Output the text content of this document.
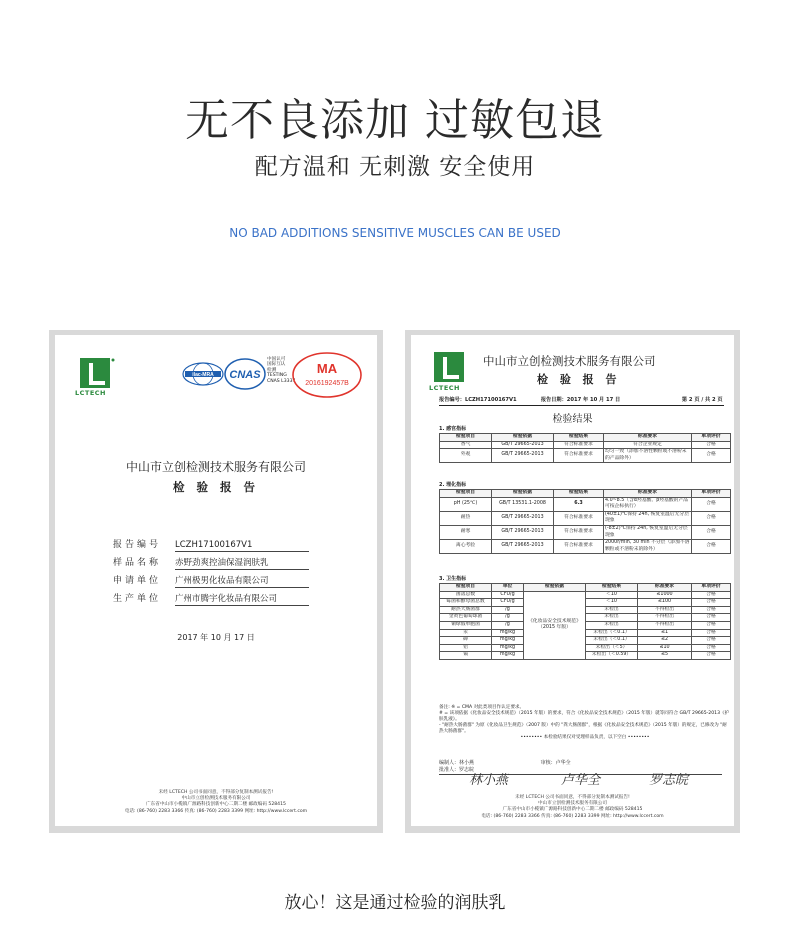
无不良添加 过敏包退
配方温和 无刺激 安全使用
NO BAD ADDITIONS SENSITIVE MUSCLES CAN BE USED
LCTECH
ilac-MRA CNAS
中国认可
国际互认
检测
TESTING
CNAS L3337
MA
2016192457B
中山市立创检测技术服务有限公司
检 验 报 告
报告编号 LCZH17100167V1
样品名称 赤野劲爽控油保湿润肤乳
申请单位 广州极男化妆品有限公司
生产单位 广州市腾宇化妆品有限公司
2017 年 10 月 17 日
未经 LCTECH 公司书面同意，不得部分复制本测试报告!
中山市立创检测技术服务有限公司
广东省中山市小榄镇广源路科技创新中心二期二楼 邮政编码 528415
电话: (86-760) 2283 3366 传真: (86-760) 2283 3399 网址: http://www.lccert.com
LCTECH
中山市立创检测技术服务有限公司
检 验 报 告
报告编号：LCZH17100167V1	报告日期：2017 年 10 月 17 日	第 2 页 / 共 2 页
检验结果
1. 感官指标
检验项目	检验依据	检验结果	标准要求	单项评价
香气	GB/T 29665-2013	符合标准要求	符合企业规定	合格
外观	GB/T 29665-2013	符合标准要求	均匀一致（添加不溶性颗粒或不溶粉末的产品除外）	合格
2. 理化指标
检验项目	检验依据	检验结果	标准要求	单项评价
pH (25℃)	GB/T 13531.1-2008	6.3	4.0~8.5（含α羟基酸、β羟基酸的产品可按企标执行）	合格
耐热	GB/T 29665-2013	符合标准要求	(40±1)℃保持 24h, 恢复室温后无分层现象	合格
耐寒	GB/T 29665-2013	符合标准要求	(-8±2)℃保持 24h, 恢复室温后无分层现象	合格
离心考验	GB/T 29665-2013	符合标准要求	2000r/min, 30 min 不分层（添加不溶颗粒或不溶粉末的除外）	合格
3. 卫生指标
检验项目	单位	检验依据	检验结果	标准要求	单项评价
菌落总数	CFU/g	《化妆品安全技术规范》（2015 年版）	＜10	≤1000	合格
霉菌和酵母菌总数	CFU/g		＜10	≤100	合格
耐热大肠菌群	/g		未检出	不得检出	合格
金黄色葡萄球菌	/g		未检出	不得检出	合格
铜绿假单胞菌	/g		未检出	不得检出	合格
汞	mg/kg		未检出（＜0.1）	≤1	合格
砷	mg/kg		未检出（＜0.1）	≤2	合格
铅	mg/kg		未检出（＜5）	≤10	合格
镉	mg/kg		未检出（＜0.59）	≤5	合格
备注: ※ = CMA 对此类项目作认定要求。
# = 该项依据《化妆品安全技术规范》（2015 年版）的要求，符合《化妆品安全技术规范》（2015 年版）就等同符合 GB/T 29665-2013《护肤乳液》。
- "耐热大肠菌群" 为原《化妆品卫生规范》（2007 版）中的 "粪大肠菌群"，根据《化妆品安全技术规范》（2015 年版）的规定，已修改为 "耐热大肠菌群"。
•••••••• 本检验结果仅对受理样品负责，以下空白 ••••••••
编制人：林小燕	审核：卢华全 批准人：罗志皖
林小燕	卢华全	罗志皖
未经 LCTECH 公司书面同意，不得部分复制本测试报告!
中山市立创检测技术服务有限公司
广东省中山市小榄镇广源路科技创新中心二期二楼 邮政编码 528415
电话: (86-760) 2283 3366 传真: (86-760) 2283 3399 网址: http://www.lccert.com
放心！这是通过检验的润肤乳
